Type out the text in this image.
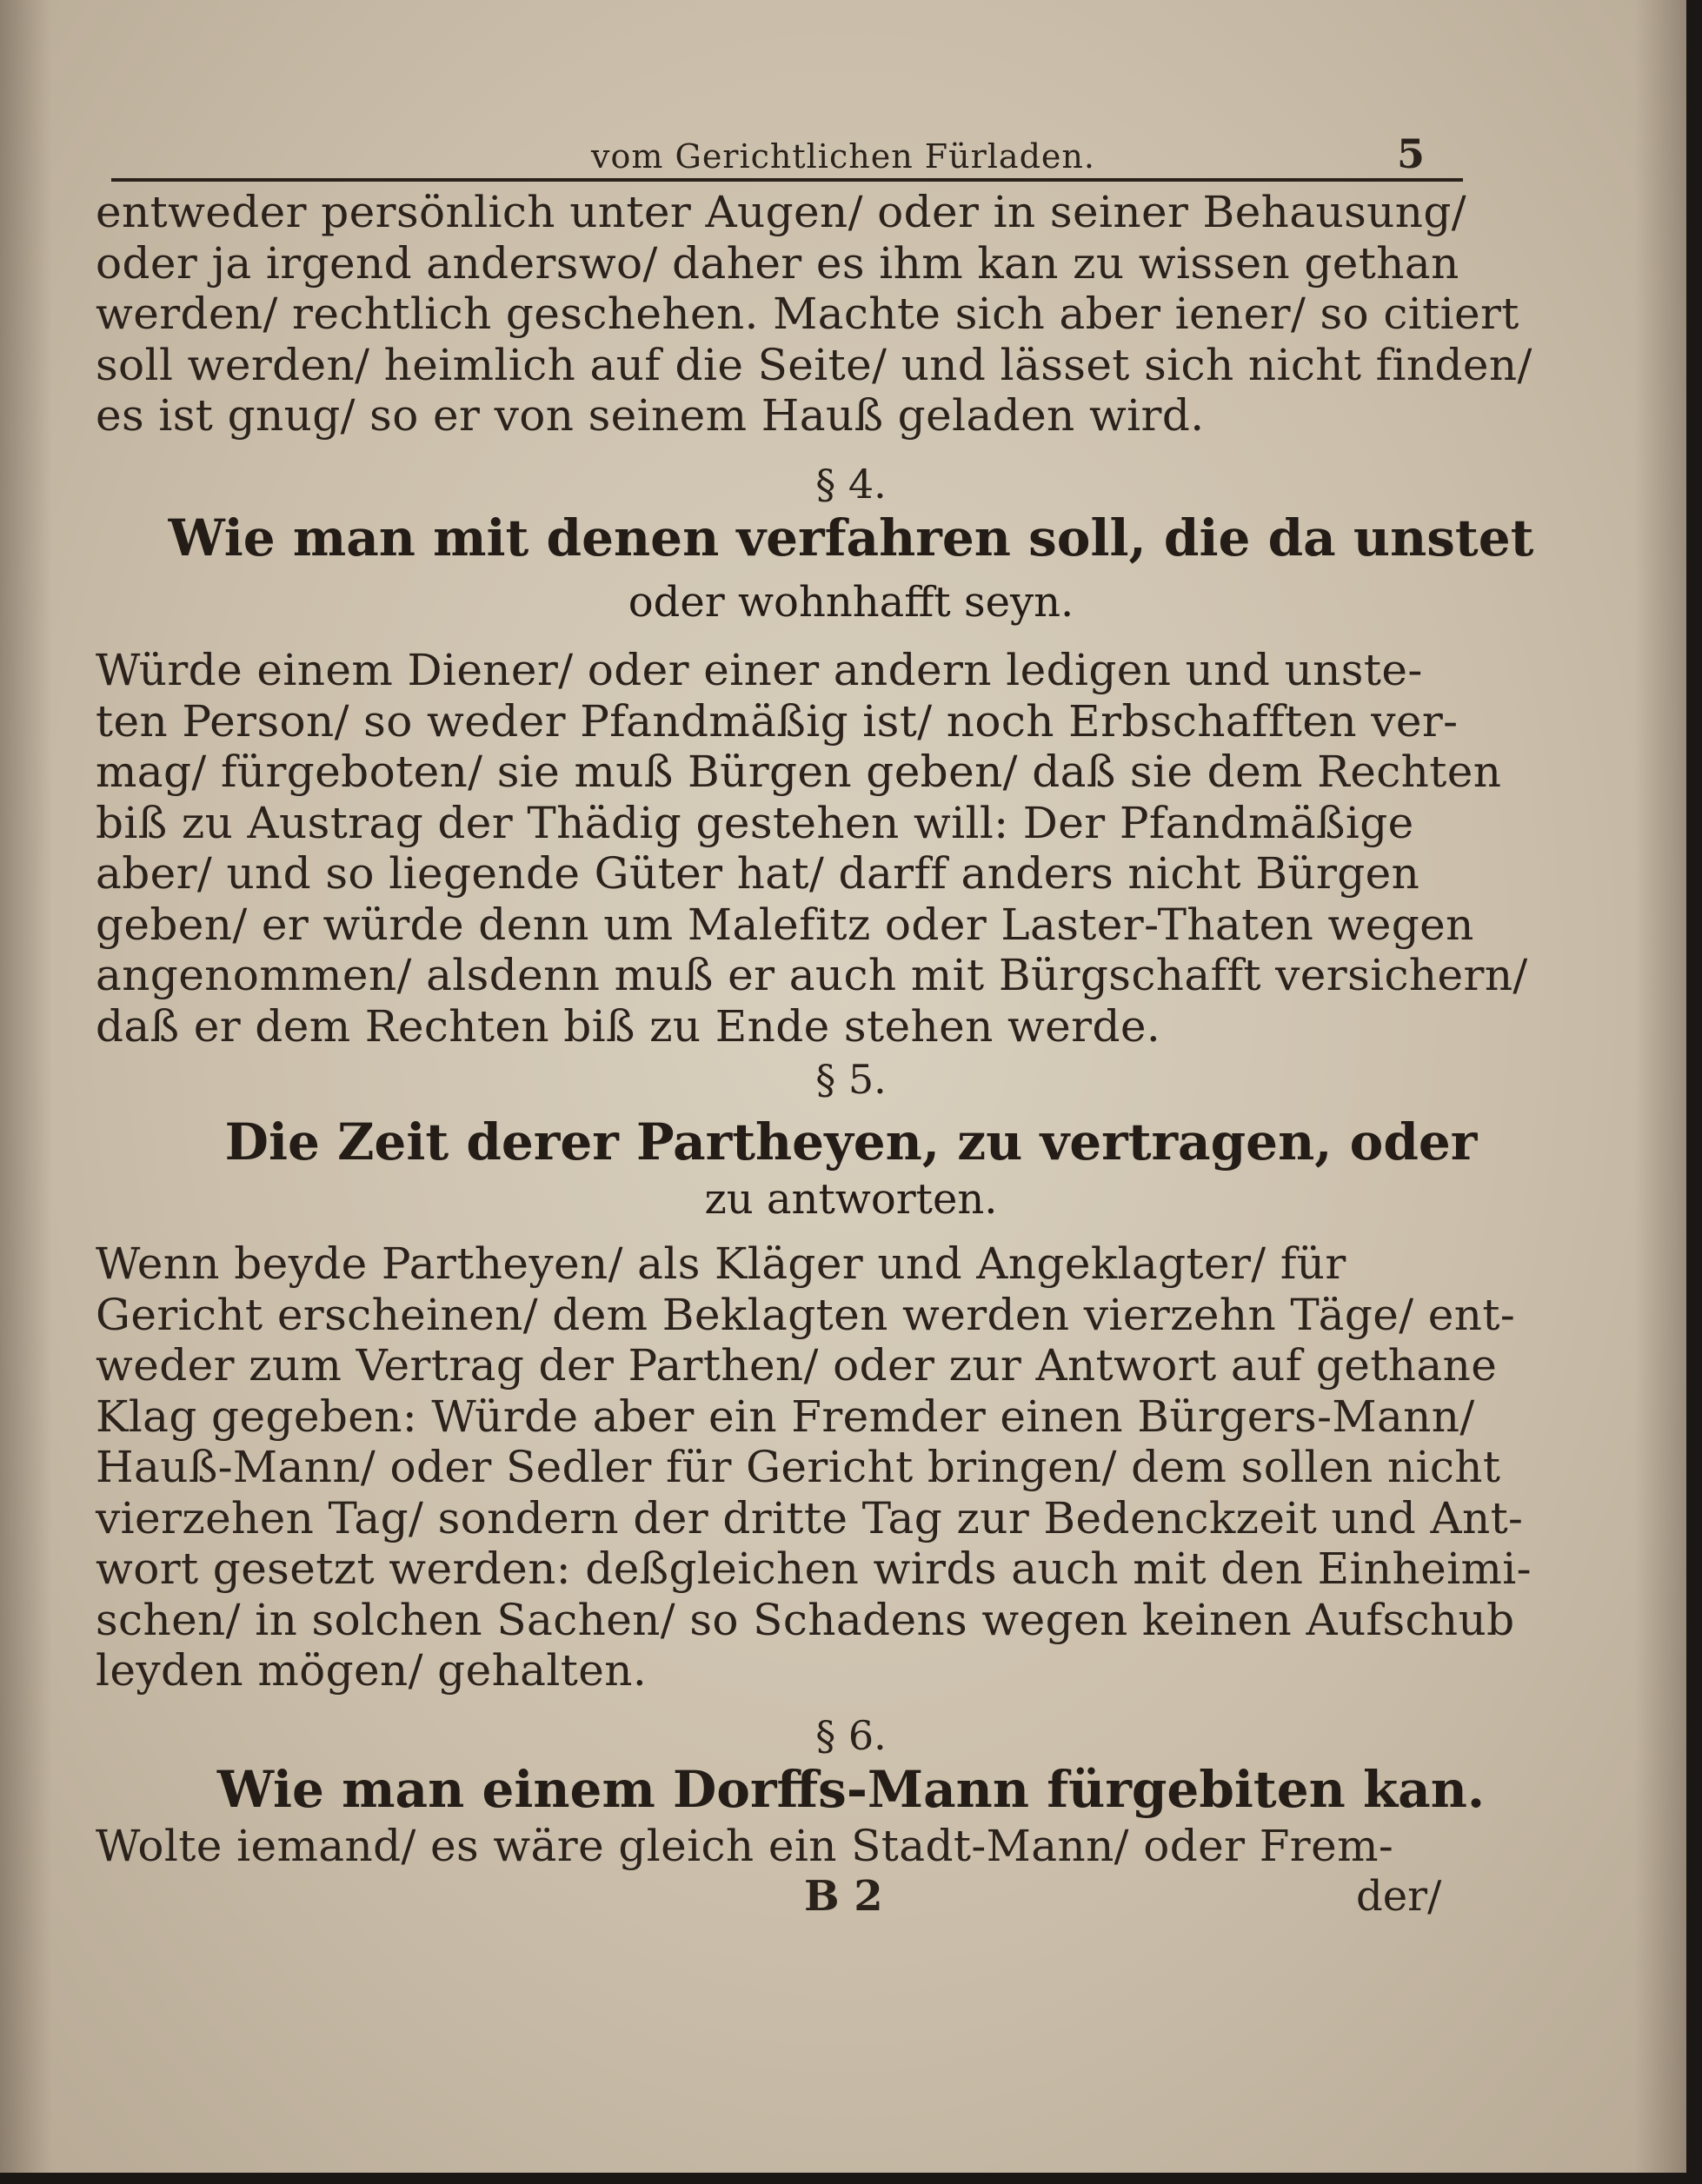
vom Gerichtlichen Fürladen.	5
entweder persönlich unter Augen/ oder in seiner Behausung/
oder ja irgend anderswo/ daher es ihm kan zu wissen gethan
werden/ rechtlich geschehen. Machte sich aber iener/ so citiert
soll werden/ heimlich auf die Seite/ und lässet sich nicht finden/
es ist gnug/ so er von seinem Hauß geladen wird.
§ 4.
Wie man mit denen verfahren soll, die da unstet
oder wohnhafft seyn.
Würde einem Diener/ oder einer andern ledigen und unste-
ten Person/ so weder Pfandmäßig ist/ noch Erbschafften ver-
mag/ fürgeboten/ sie muß Bürgen geben/ daß sie dem Rechten
biß zu Austrag der Thädig gestehen will: Der Pfandmäßige
aber/ und so liegende Güter hat/ darff anders nicht Bürgen
geben/ er würde denn um Malefitz oder Laster-Thaten wegen
angenommen/ alsdenn muß er auch mit Bürgschafft versichern/
daß er dem Rechten biß zu Ende stehen werde.
§ 5.
Die Zeit derer Partheyen, zu vertragen, oder
zu antworten.
Wenn beyde Partheyen/ als Kläger und Angeklagter/ für
Gericht erscheinen/ dem Beklagten werden vierzehn Täge/ ent-
weder zum Vertrag der Parthen/ oder zur Antwort auf gethane
Klag gegeben: Würde aber ein Fremder einen Bürgers-Mann/
Hauß-Mann/ oder Sedler für Gericht bringen/ dem sollen nicht
vierzehen Tag/ sondern der dritte Tag zur Bedenckzeit und Ant-
wort gesetzt werden: deßgleichen wirds auch mit den Einheimi-
schen/ in solchen Sachen/ so Schadens wegen keinen Aufschub
leyden mögen/ gehalten.
§ 6.
Wie man einem Dorffs-Mann fürgebiten kan.
Wolte iemand/ es wäre gleich ein Stadt-Mann/ oder Frem-
B 2	der/
